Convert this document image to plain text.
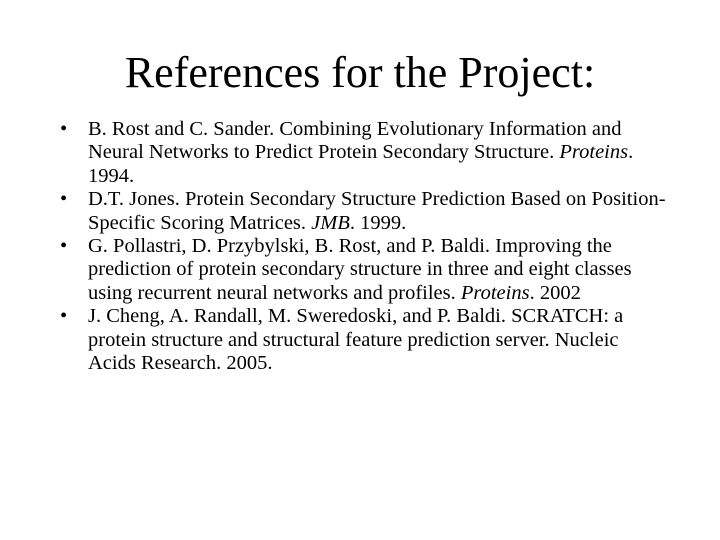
References for the Project:
• B. Rost and C. Sander. Combining Evolutionary Information and Neural Networks to Predict Protein Secondary Structure. Proteins. 1994.
• D.T. Jones. Protein Secondary Structure Prediction Based on Position-Specific Scoring Matrices. JMB. 1999.
• G. Pollastri, D. Przybylski, B. Rost, and P. Baldi. Improving the prediction of protein secondary structure in three and eight classes using recurrent neural networks and profiles. Proteins. 2002
• J. Cheng, A. Randall, M. Sweredoski, and P. Baldi. SCRATCH: a protein structure and structural feature prediction server. Nucleic Acids Research. 2005.
